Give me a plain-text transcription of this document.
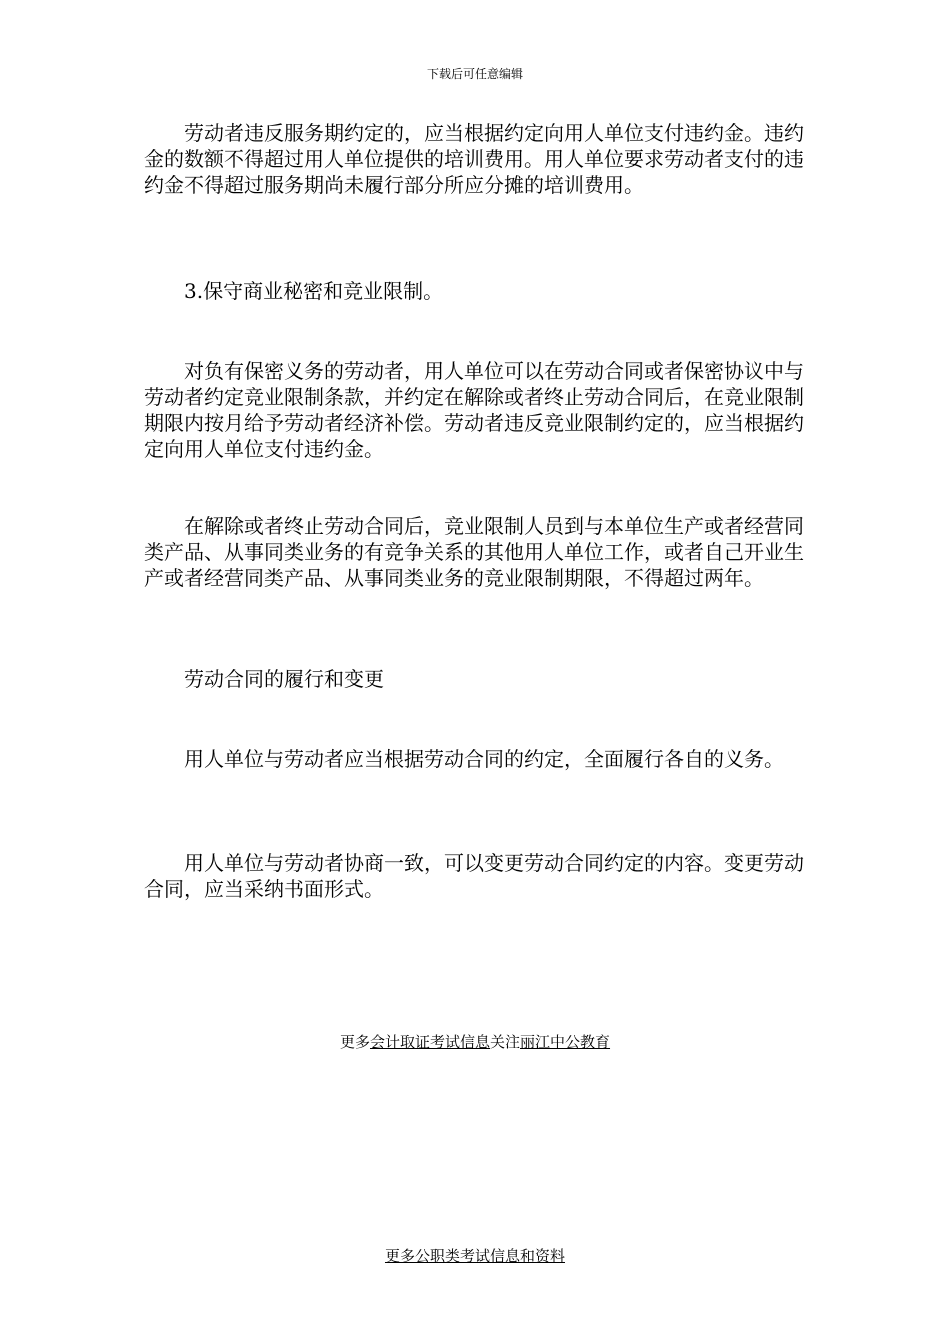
下载后可任意编辑

劳动者违反服务期约定的，应当根据约定向用人单位支付违约金。违约金的数额不得超过用人单位提供的培训费用。用人单位要求劳动者支付的违约金不得超过服务期尚未履行部分所应分摊的培训费用。

3.保守商业秘密和竞业限制。

对负有保密义务的劳动者，用人单位可以在劳动合同或者保密协议中与劳动者约定竞业限制条款，并约定在解除或者终止劳动合同后，在竞业限制期限内按月给予劳动者经济补偿。劳动者违反竞业限制约定的，应当根据约定向用人单位支付违约金。

在解除或者终止劳动合同后，竞业限制人员到与本单位生产或者经营同类产品、从事同类业务的有竞争关系的其他用人单位工作，或者自己开业生产或者经营同类产品、从事同类业务的竞业限制期限，不得超过两年。

劳动合同的履行和变更

用人单位与劳动者应当根据劳动合同的约定，全面履行各自的义务。

用人单位与劳动者协商一致，可以变更劳动合同约定的内容。变更劳动合同，应当采纳书面形式。

更多会计取证考试信息关注丽江中公教育
更多公职类考试信息和资料
